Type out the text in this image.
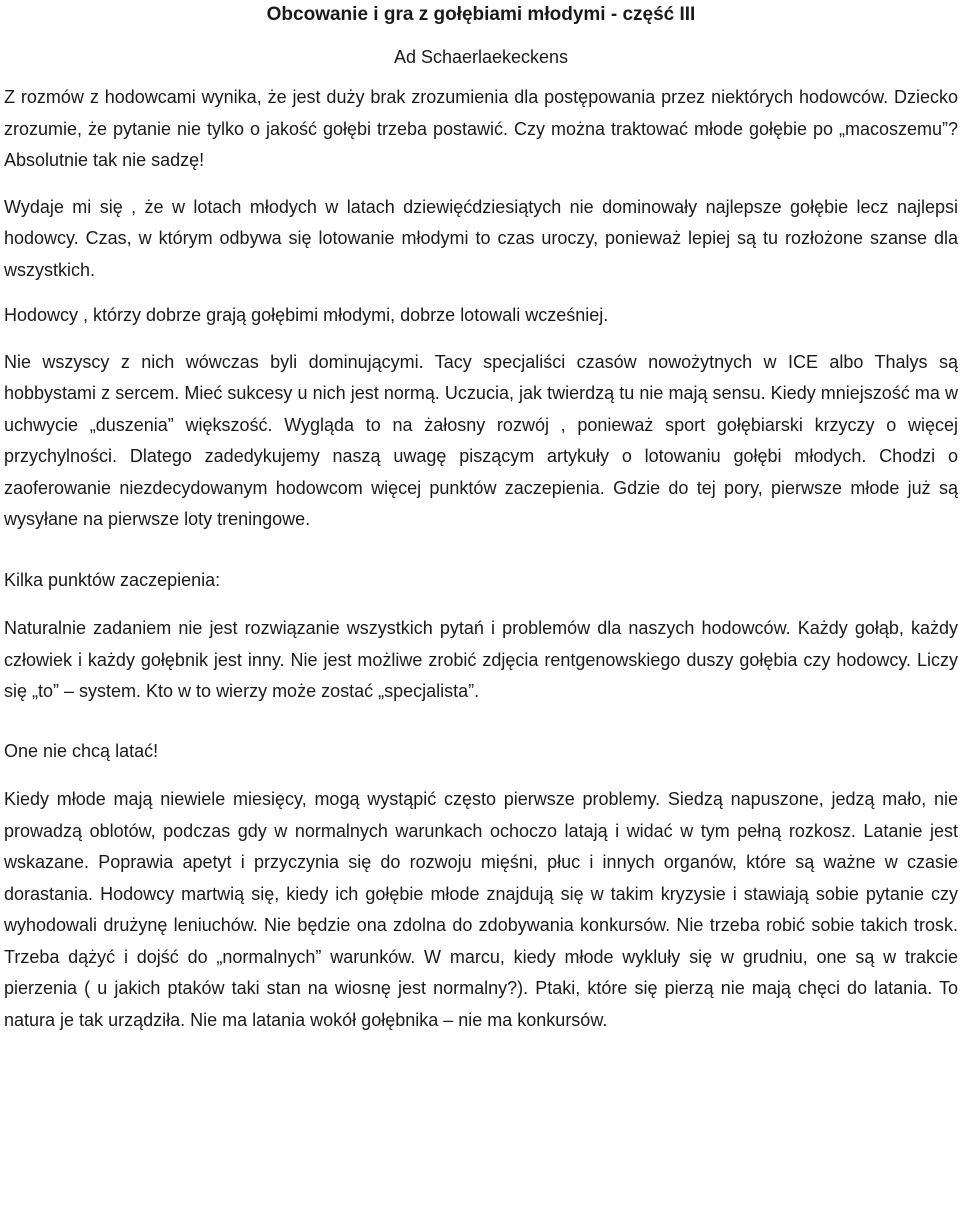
Obcowanie i gra z gołębiami młodymi - część III
Ad Schaerlaekeckens

Z rozmów z hodowcami wynika, że jest duży brak zrozumienia dla postępowania przez niektórych hodowców. Dziecko zrozumie, że pytanie nie tylko o jakość gołębi trzeba postawić. Czy można traktować młode gołębie po „macoszemu”? Absolutnie tak nie sadzę!

Wydaje mi się , że w lotach młodych w latach dziewięćdziesiątych nie dominowały najlepsze gołębie lecz najlepsi hodowcy. Czas, w którym odbywa się lotowanie młodymi to czas uroczy, ponieważ lepiej są tu rozłożone szanse dla wszystkich.

Hodowcy , którzy dobrze grają gołębimi młodymi, dobrze lotowali wcześniej.

Nie wszyscy z nich wówczas byli dominującymi. Tacy specjaliści czasów nowożytnych w ICE albo Thalys są hobbystami z sercem. Mieć sukcesy u nich jest normą. Uczucia, jak twierdzą tu nie mają sensu. Kiedy mniejszość ma w uchwycie „duszenia” większość. Wygląda to na żałosny rozwój , ponieważ sport gołębiarski krzyczy o więcej przychylności. Dlatego zadedykujemy naszą uwagę piszącym artykuły o lotowaniu gołębi młodych. Chodzi o zaoferowanie niezdecydowanym hodowcom więcej punktów zaczepienia. Gdzie do tej pory, pierwsze młode już są wysyłane na pierwsze loty treningowe.

Kilka punktów zaczepienia:

Naturalnie zadaniem nie jest rozwiązanie wszystkich pytań i problemów dla naszych hodowców. Każdy gołąb, każdy człowiek i każdy gołębnik jest inny. Nie jest możliwe zrobić zdjęcia rentgenowskiego duszy gołębia czy hodowcy. Liczy się „to” – system. Kto w to wierzy może zostać „specjalista”.

One nie chcą latać!

Kiedy młode mają niewiele miesięcy, mogą wystąpić często pierwsze problemy. Siedzą napuszone, jedzą mało, nie prowadzą oblotów, podczas gdy w normalnych warunkach ochoczo latają i widać w tym pełną rozkosz. Latanie jest wskazane. Poprawia apetyt i przyczynia się do rozwoju mięśni, płuc i innych organów, które są ważne w czasie dorastania. Hodowcy martwią się, kiedy ich gołębie młode znajdują się w takim kryzysie i stawiają sobie pytanie czy wyhodowali drużynę leniuchów. Nie będzie ona zdolna do zdobywania konkursów. Nie trzeba robić sobie takich trosk. Trzeba dążyć i dojść do „normalnych” warunków. W marcu, kiedy młode wykluły się w grudniu, one są w trakcie pierzenia ( u jakich ptaków taki stan na wiosnę jest normalny?). Ptaki, które się pierzą nie mają chęci do latania. To natura je tak urządziła. Nie ma latania wokół gołębnika – nie ma konkursów.
